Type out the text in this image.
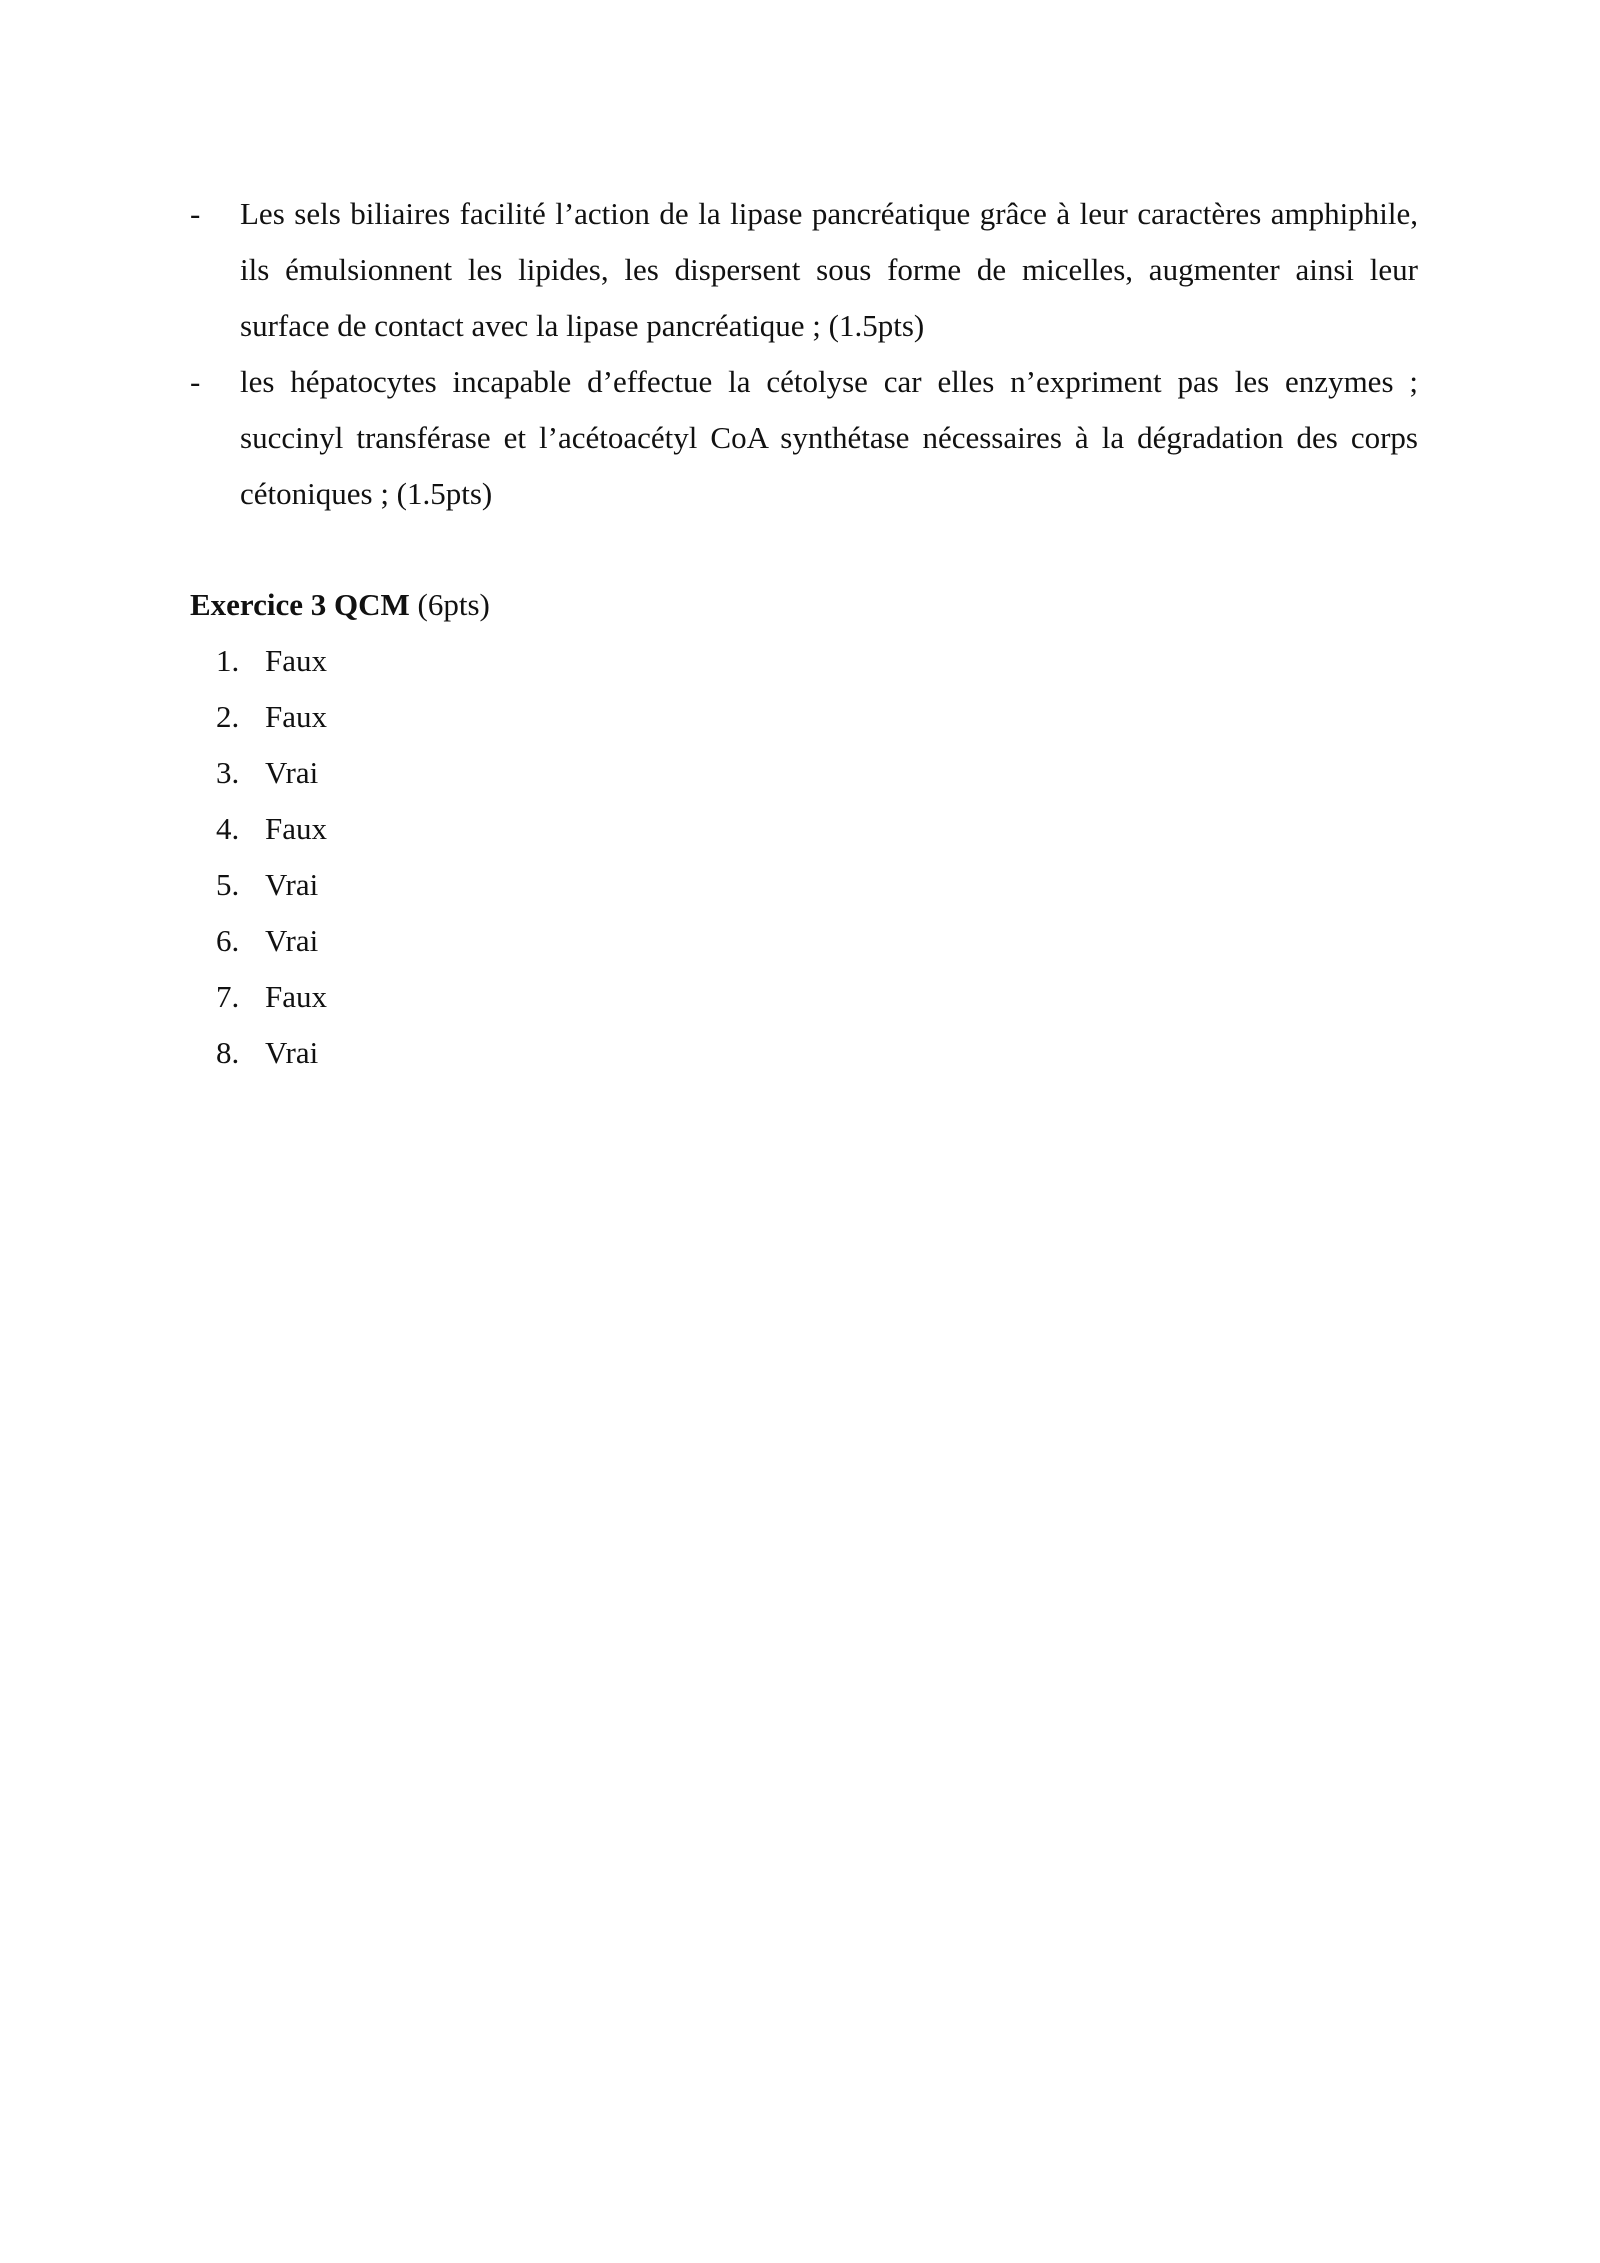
- Les sels biliaires facilité l’action de la lipase pancréatique grâce à leur caractères amphiphile, ils émulsionnent les lipides, les dispersent sous forme de micelles, augmenter ainsi leur surface de contact avec la lipase pancréatique ; (1.5pts)
- les hépatocytes incapable d’effectue la cétolyse car elles n’expriment pas les enzymes ; succinyl transférase et l’acétoacétyl CoA synthétase nécessaires à la dégradation des corps cétoniques ; (1.5pts)
Exercice 3 QCM (6pts)
1. Faux
2. Faux
3. Vrai
4. Faux
5. Vrai
6. Vrai
7. Faux
8. Vrai
